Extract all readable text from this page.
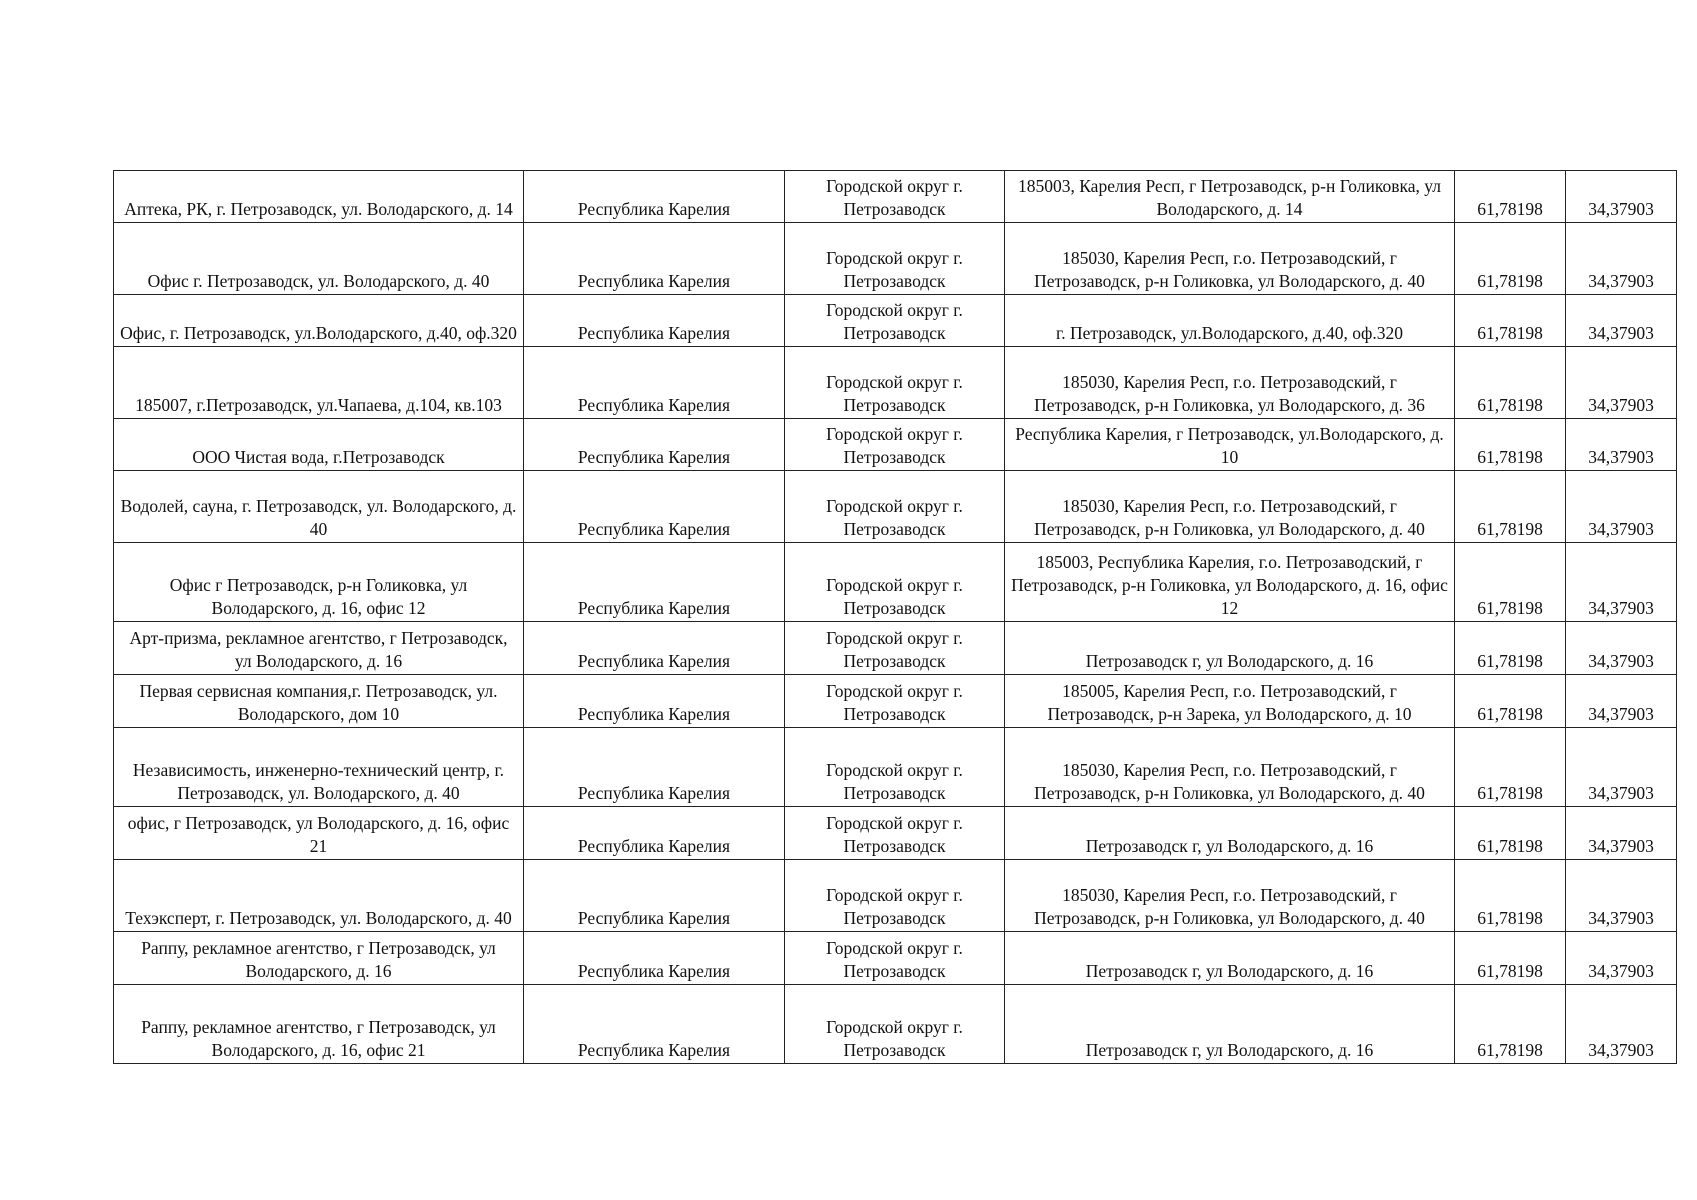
Аптека, РК, г. Петрозаводск, ул. Володарского, д. 14	Республика Карелия	Городской округ г. Петрозаводск	185003, Карелия Респ, г Петрозаводск, р-н Голиковка, ул Володарского, д. 14	61,78198	34,37903
Офис г. Петрозаводск, ул. Володарского, д. 40	Республика Карелия	Городской округ г. Петрозаводск	185030, Карелия Респ, г.о. Петрозаводский, г Петрозаводск, р-н Голиковка, ул Володарского, д. 40	61,78198	34,37903
Офис, г. Петрозаводск, ул.Володарского, д.40, оф.320	Республика Карелия	Городской округ г. Петрозаводск	г. Петрозаводск, ул.Володарского, д.40, оф.320	61,78198	34,37903
185007, г.Петрозаводск, ул.Чапаева, д.104, кв.103	Республика Карелия	Городской округ г. Петрозаводск	185030, Карелия Респ, г.о. Петрозаводский, г Петрозаводск, р-н Голиковка, ул Володарского, д. 36	61,78198	34,37903
ООО Чистая вода, г.Петрозаводск	Республика Карелия	Городской округ г. Петрозаводск	Республика Карелия, г Петрозаводск, ул.Володарского, д. 10	61,78198	34,37903
Водолей, сауна, г. Петрозаводск, ул. Володарского, д. 40	Республика Карелия	Городской округ г. Петрозаводск	185030, Карелия Респ, г.о. Петрозаводский, г Петрозаводск, р-н Голиковка, ул Володарского, д. 40	61,78198	34,37903
Офис г Петрозаводск, р-н Голиковка, ул Володарского, д. 16, офис 12	Республика Карелия	Городской округ г. Петрозаводск	185003, Республика Карелия, г.о. Петрозаводский, г Петрозаводск, р-н Голиковка, ул Володарского, д. 16, офис 12	61,78198	34,37903
Арт-призма, рекламное агентство, г Петрозаводск, ул Володарского, д. 16	Республика Карелия	Городской округ г. Петрозаводск	Петрозаводск г, ул Володарского, д. 16	61,78198	34,37903
Первая сервисная компания,г. Петрозаводск, ул. Володарского, дом 10	Республика Карелия	Городской округ г. Петрозаводск	185005, Карелия Респ, г.о. Петрозаводский, г Петрозаводск, р-н Зарека, ул Володарского, д. 10	61,78198	34,37903
Независимость, инженерно-технический центр, г. Петрозаводск, ул. Володарского, д. 40	Республика Карелия	Городской округ г. Петрозаводск	185030, Карелия Респ, г.о. Петрозаводский, г Петрозаводск, р-н Голиковка, ул Володарского, д. 40	61,78198	34,37903
офис, г Петрозаводск, ул Володарского, д. 16, офис 21	Республика Карелия	Городской округ г. Петрозаводск	Петрозаводск г, ул Володарского, д. 16	61,78198	34,37903
Техэксперт, г. Петрозаводск, ул. Володарского, д. 40	Республика Карелия	Городской округ г. Петрозаводск	185030, Карелия Респ, г.о. Петрозаводский, г Петрозаводск, р-н Голиковка, ул Володарского, д. 40	61,78198	34,37903
Раппу, рекламное агентство, г Петрозаводск, ул Володарского, д. 16	Республика Карелия	Городской округ г. Петрозаводск	Петрозаводск г, ул Володарского, д. 16	61,78198	34,37903
Раппу, рекламное агентство, г Петрозаводск, ул Володарского, д. 16, офис 21	Республика Карелия	Городской округ г. Петрозаводск	Петрозаводск г, ул Володарского, д. 16	61,78198	34,37903
